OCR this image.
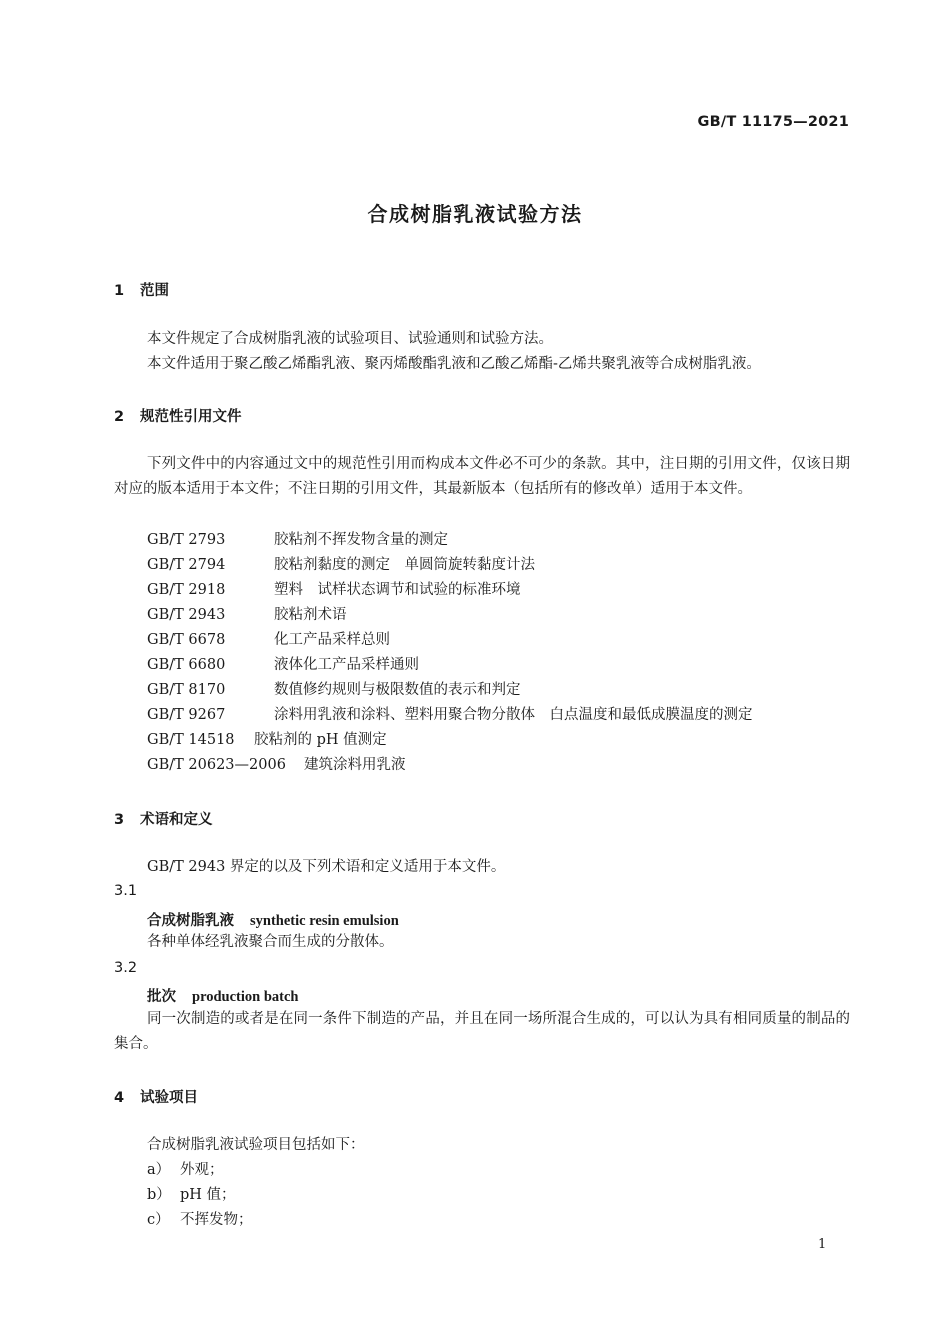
GB/T 11175—2021
合成树脂乳液试验方法
1 范围
本文件规定了合成树脂乳液的试验项目、试验通则和试验方法。
本文件适用于聚乙酸乙烯酯乳液、聚丙烯酸酯乳液和乙酸乙烯酯-乙烯共聚乳液等合成树脂乳液。
2 规范性引用文件
下列文件中的内容通过文中的规范性引用而构成本文件必不可少的条款。其中，注日期的引用文件，仅该日期对应的版本适用于本文件；不注日期的引用文件，其最新版本（包括所有的修改单）适用于本文件。
GB/T 2793	胶粘剂不挥发物含量的测定
GB/T 2794	胶粘剂黏度的测定　单圆筒旋转黏度计法
GB/T 2918	塑料　试样状态调节和试验的标准环境
GB/T 2943	胶粘剂术语
GB/T 6678	化工产品采样总则
GB/T 6680	液体化工产品采样通则
GB/T 8170	数值修约规则与极限数值的表示和判定
GB/T 9267	涂料用乳液和涂料、塑料用聚合物分散体　白点温度和最低成膜温度的测定
GB/T 14518 胶粘剂的 pH 值测定
GB/T 20623—2006 建筑涂料用乳液
3 术语和定义
GB/T 2943 界定的以及下列术语和定义适用于本文件。
3.1
合成树脂乳液 synthetic resin emulsion
各种单体经乳液聚合而生成的分散体。
3.2
批次 production batch
同一次制造的或者是在同一条件下制造的产品，并且在同一场所混合生成的，可以认为具有相同质量的制品的集合。
4 试验项目
合成树脂乳液试验项目包括如下：
a） 外观；
b） pH 值；
c） 不挥发物；
1
